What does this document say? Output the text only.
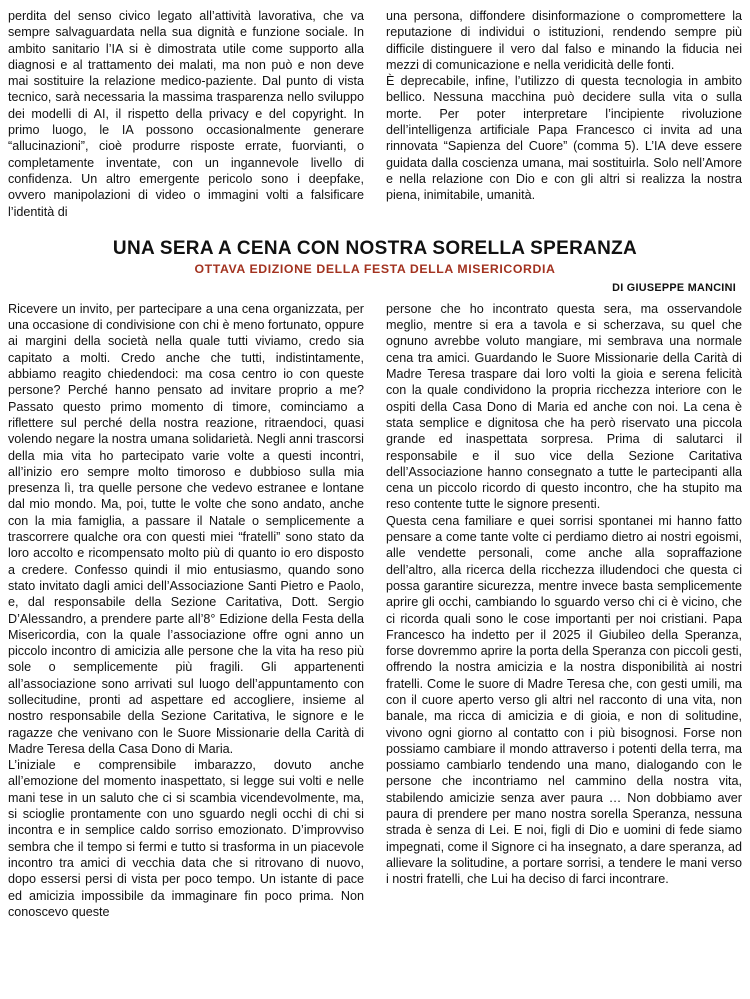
perdita del senso civico legato all’attività lavorativa, che va sempre salvaguardata nella sua dignità e funzione sociale. In ambito sanitario l’IA si è dimostrata utile come supporto alla diagnosi e al trattamento dei malati, ma non può e non deve mai sostituire la relazione medico-paziente. Dal punto di vista tecnico, sarà necessaria la massima trasparenza nello sviluppo dei modelli di AI, il rispetto della privacy e del copyright. In primo luogo, le IA possono occasionalmente generare “allucinazioni”, cioè produrre risposte errate, fuorvianti, o completamente inventate, con un ingannevole livello di confidenza. Un altro emergente pericolo sono i deepfake, ovvero manipolazioni di video o immagini volti a falsificare l’identità di

una persona, diffondere disinformazione o compromettere la reputazione di individui o istituzioni, rendendo sempre più difficile distinguere il vero dal falso e minando la fiducia nei mezzi di comunicazione e nella veridicità delle fonti.

È deprecabile, infine, l’utilizzo di questa tecnologia in ambito bellico. Nessuna macchina può decidere sulla vita o sulla morte. Per poter interpretare l’incipiente rivoluzione dell’intelligenza artificiale Papa Francesco ci invita ad una rinnovata “Sapienza del Cuore” (comma 5). L’IA deve essere guidata dalla coscienza umana, mai sostituirla. Solo nell’Amore e nella relazione con Dio e con gli altri si realizza la nostra piena, inimitabile, umanità.

UNA SERA A CENA CON NOSTRA SORELLA SPERANZA
OTTAVA EDIZIONE DELLA FESTA DELLA MISERICORDIA
DI GIUSEPPE MANCINI

Ricevere un invito, per partecipare a una cena organizzata, per una occasione di condivisione con chi è meno fortunato, oppure ai margini della società nella quale tutti viviamo, credo sia capitato a molti. Credo anche che tutti, indistintamente, abbiamo reagito chiedendoci: ma cosa centro io con queste persone? Perché hanno pensato ad invitare proprio a me? Passato questo primo momento di timore, cominciamo a riflettere sul perché della nostra reazione, ritraendoci, quasi volendo negare la nostra umana solidarietà. Negli anni trascorsi della mia vita ho partecipato varie volte a questi incontri, all’inizio ero sempre molto timoroso e dubbioso sulla mia presenza lì, tra quelle persone che vedevo estranee e lontane dal mio mondo. Ma, poi, tutte le volte che sono andato, anche con la mia famiglia, a passare il Natale o semplicemente a trascorrere qualche ora con questi miei “fratelli” sono stato da loro accolto e ricompensato molto più di quanto io ero disposto a credere. Confesso quindi il mio entusiasmo, quando sono stato invitato dagli amici dell’Associazione Santi Pietro e Paolo, e, dal responsabile della Sezione Caritativa, Dott. Sergio D’Alessandro, a prendere parte all’8° Edizione della Festa della Misericordia, con la quale l’associazione offre ogni anno un piccolo incontro di amicizia alle persone che la vita ha reso più sole o semplicemente più fragili. Gli appartenenti all’associazione sono arrivati sul luogo dell’appuntamento con sollecitudine, pronti ad aspettare ed accogliere, insieme al nostro responsabile della Sezione Caritativa, le signore e le ragazze che venivano con le Suore Missionarie della Carità di Madre Teresa della Casa Dono di Maria.

L’iniziale e comprensibile imbarazzo, dovuto anche all’emozione del momento inaspettato, si legge sui volti e nelle mani tese in un saluto che ci si scambia vicendevolmente, ma, si scioglie prontamente con uno sguardo negli occhi di chi si incontra e in semplice caldo sorriso emozionato. D’improvviso sembra che il tempo si fermi e tutto si trasforma in un piacevole incontro tra amici di vecchia data che si ritrovano di nuovo, dopo essersi persi di vista per poco tempo. Un istante di pace ed amicizia impossibile da immaginare fin poco prima. Non conoscevo queste

persone che ho incontrato questa sera, ma osservandole meglio, mentre si era a tavola e si scherzava, su quel che ognuno avrebbe voluto mangiare, mi sembrava una normale cena tra amici. Guardando le Suore Missionarie della Carità di Madre Teresa traspare dai loro volti la gioia e serena felicità con la quale condividono la propria ricchezza interiore con le ospiti della Casa Dono di Maria ed anche con noi. La cena è stata semplice e dignitosa che ha però riservato una piccola grande ed inaspettata sorpresa. Prima di salutarci il responsabile e il suo vice della Sezione Caritativa dell’Associazione hanno consegnato a tutte le partecipanti alla cena un piccolo ricordo di questo incontro, che ha stupito ma reso contente tutte le signore presenti.

Questa cena familiare e quei sorrisi spontanei mi hanno fatto pensare a come tante volte ci perdiamo dietro ai nostri egoismi, alle vendette personali, come anche alla sopraffazione dell’altro, alla ricerca della ricchezza illudendoci che questa ci possa garantire sicurezza, mentre invece basta semplicemente aprire gli occhi, cambiando lo sguardo verso chi ci è vicino, che ci ricorda quali sono le cose importanti per noi cristiani. Papa Francesco ha indetto per il 2025 il Giubileo della Speranza, forse dovremmo aprire la porta della Speranza con piccoli gesti, offrendo la nostra amicizia e la nostra disponibilità ai nostri fratelli. Come le suore di Madre Teresa che, con gesti umili, ma con il cuore aperto verso gli altri nel racconto di una vita, non banale, ma ricca di amicizia e di gioia, e non di solitudine, vivono ogni giorno al contatto con i più bisognosi. Forse non possiamo cambiare il mondo attraverso i potenti della terra, ma possiamo cambiarlo tendendo una mano, dialogando con le persone che incontriamo nel cammino della nostra vita, stabilendo amicizie senza aver paura … Non dobbiamo aver paura di prendere per mano nostra sorella Speranza, nessuna strada è senza di Lei. E noi, figli di Dio e uomini di fede siamo impegnati, come il Signore ci ha insegnato, a dare speranza, ad allievare la solitudine, a portare sorrisi, a tendere le mani verso i nostri fratelli, che Lui ha deciso di farci incontrare.
